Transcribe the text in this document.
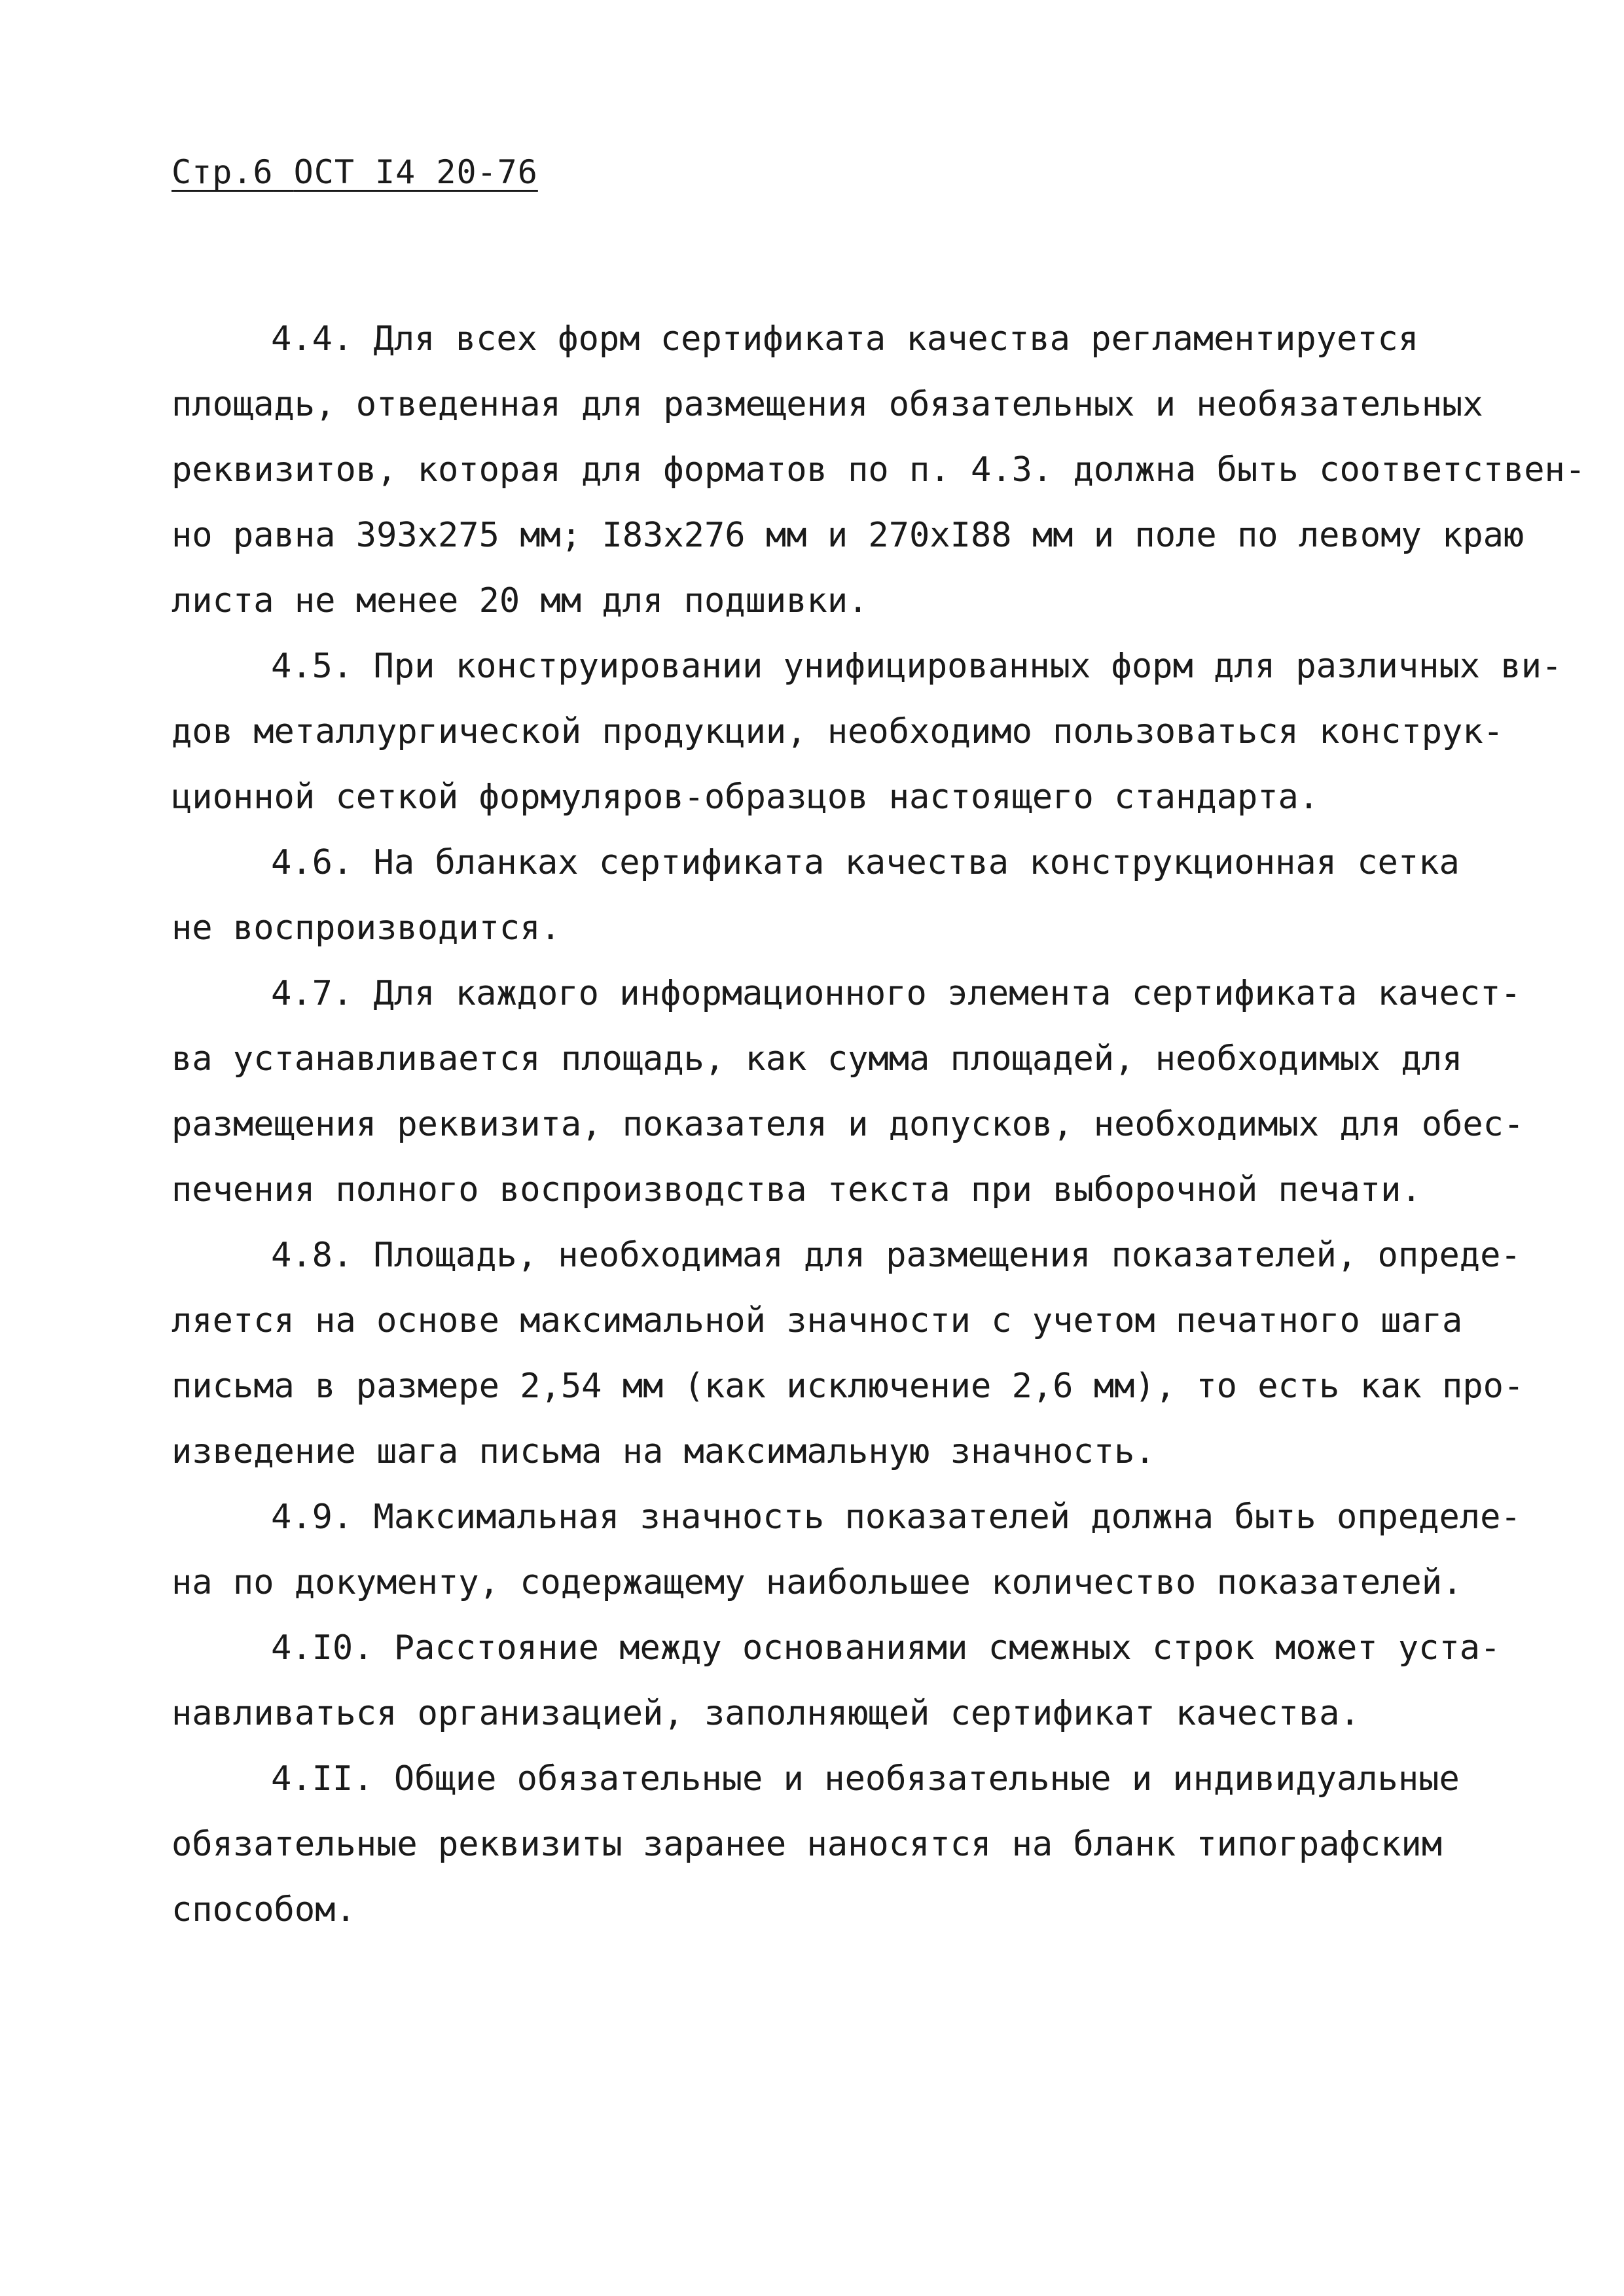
Стр.6 ОСТ I4 20-76
4.4. Для всех форм сертификата качества регламентируется
площадь, отведенная для размещения обязательных и необязательных
реквизитов, которая для форматов по п. 4.3. должна быть соответствен-
но равна 393х275 мм; I83х276 мм и 270хI88 мм и поле по левому краю
листа не менее 20 мм для подшивки.
4.5. При конструировании унифицированных форм для различных ви-
дов металлургической продукции, необходимо пользоваться конструк-
ционной сеткой формуляров-образцов настоящего стандарта.
4.6. На бланках сертификата качества конструкционная сетка
не воспроизводится.
4.7. Для каждого информационного элемента сертификата качест-
ва устанавливается площадь, как сумма площадей, необходимых для
размещения реквизита, показателя и допусков, необходимых для обес-
печения полного воспроизводства текста при выборочной печати.
4.8. Площадь, необходимая для размещения показателей, опреде-
ляется на основе максимальной значности с учетом печатного шага
письма в размере 2,54 мм (как исключение 2,6 мм), то есть как про-
изведение шага письма на максимальную значность.
4.9. Максимальная значность показателей должна быть определе-
на по документу, содержащему наибольшее количество показателей.
4.I0. Расстояние между основаниями смежных строк может уста-
навливаться организацией, заполняющей сертификат качества.
4.II. Общие обязательные и необязательные и индивидуальные
обязательные реквизиты заранее наносятся на бланк типографским
способом.
